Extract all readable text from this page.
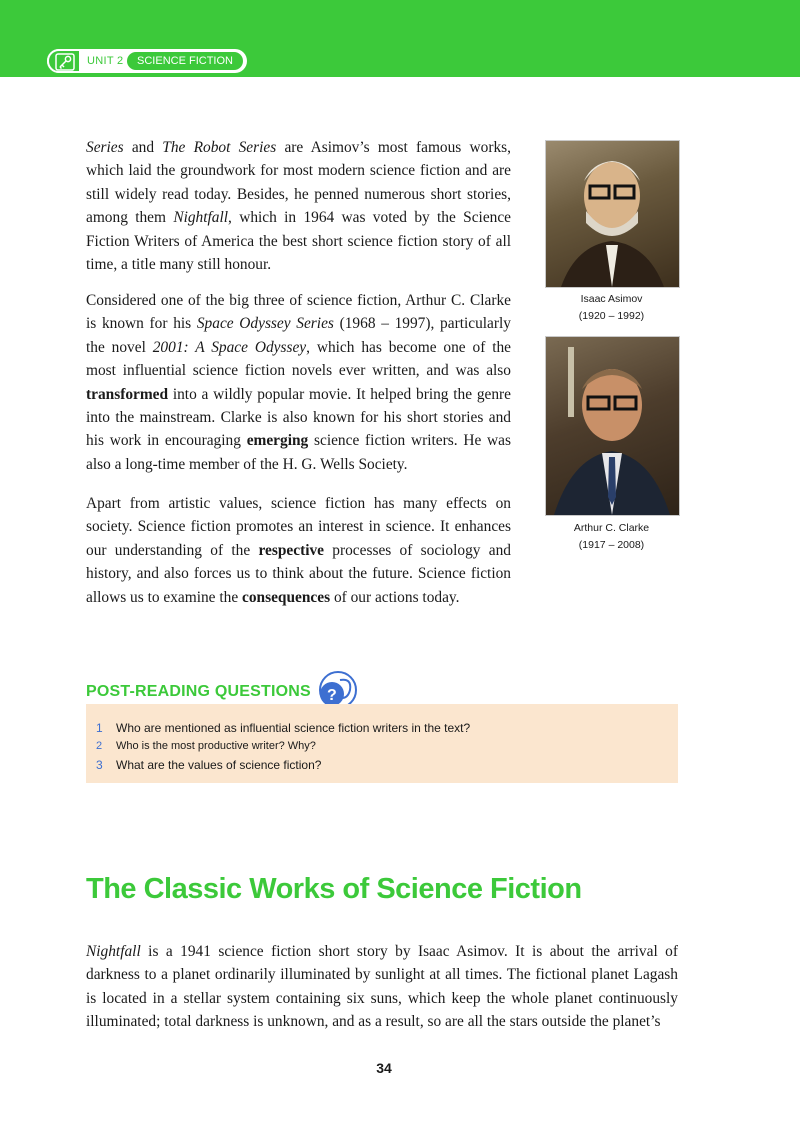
UNIT 2	SCIENCE FICTION

Series and The Robot Series are Asimov’s most famous works, which laid the groundwork for most modern science fiction and are still widely read today. Besides, he penned numerous short stories, among them Nightfall, which in 1964 was voted by the Science Fiction Writers of America the best short science fiction story of all time, a title many still honour.

Considered one of the big three of science fiction, Arthur C. Clarke is known for his Space Odyssey Series (1968 – 1997), particularly the novel 2001: A Space Odyssey, which has become one of the most influential science fiction novels ever written, and was also transformed into a wildly popular movie. It helped bring the genre into the mainstream. Clarke is also known for his short stories and his work in encouraging emerging science fiction writers. He was also a long-time member of the H. G. Wells Society.

Apart from artistic values, science fiction has many effects on society. Science fiction promotes an interest in science. It enhances our understanding of the respective processes of sociology and history, and also forces us to think about the future. Science fiction allows us to examine the consequences of our actions today.

Isaac Asimov
(1920 – 1992)
Arthur C. Clarke
(1917 – 2008)
POST-READING QUESTIONS ?
1 Who are mentioned as influential science fiction writers in the text?
2 Who is the most productive writer? Why?
3 What are the values of science fiction?
The Classic Works of Science Fiction

Nightfall is a 1941 science fiction short story by Isaac Asimov. It is about the arrival of darkness to a planet ordinarily illuminated by sunlight at all times. The fictional planet Lagash is located in a stellar system containing six suns, which keep the whole planet continuously illuminated; total darkness is unknown, and as a result, so are all the stars outside the planet’s

34
